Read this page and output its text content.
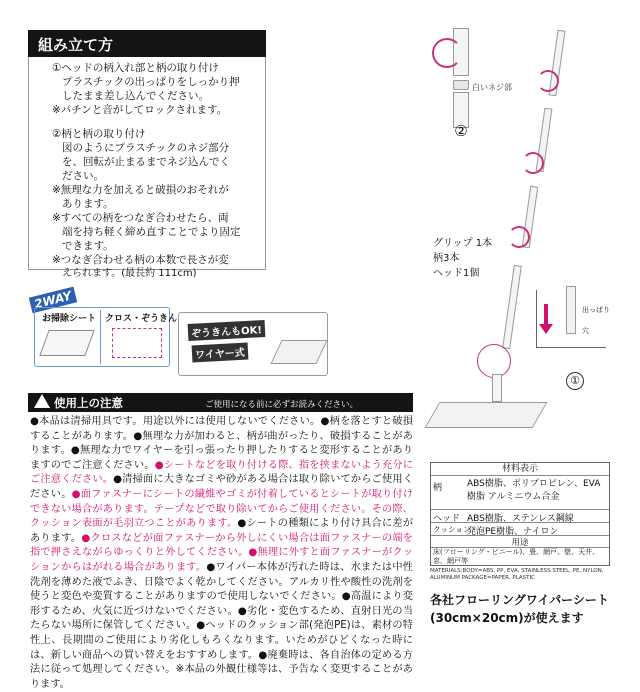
組み立て方
①ヘッドの柄入れ部と柄の取り付け
プラスチックの出っぱりをしっかり押
したまま差し込んでください。
※パチンと音がしてロックされます。
②柄と柄の取り付け
図のようにプラスチックのネジ部分
を、回転が止まるまでネジ込んでく
ださい。
※無理な力を加えると破損のおそれが
あります。
※すべての柄をつなぎ合わせたら、両
端を持ち軽く締め直すことでより固定
できます。
※つなぎ合わせる柄の本数で長さが変
えられます。(最長約 111cm)
白いネジ部
②
グリップ 1本
柄3本
ヘッド1個
出っぱり
穴
①
2WAY
お掃除シート クロス・ぞうきん
ぞうきんもOK!
ワイヤー式
使用上の注意	ご使用になる前に必ずお読みください。
●本品は清掃用具です。用途以外には使用しないでください。●柄を落とすと破損することがあります。●無理な力が加わると、柄が曲がったり、破損することがあります。●無理な力でワイヤーを引っ張ったり押したりすると変形することがありますのでご注意ください。●シートなどを取り付ける際、指を挟まないよう充分にご注意ください。●清掃面に大きなゴミや砂がある場合は取り除いてからご使用ください。●面ファスナーにシートの繊維やゴミが付着しているとシートが取り付けできない場合があります。テープなどで取り除いてからご使用ください。その際、クッション表面が毛羽立つことがあります。●シートの種類により付け具合に差があります。●クロスなどが面ファスナーから外しにくい場合は面ファスナーの端を指で押さえながらゆっくりと外してください。●無理に外すと面ファスナーがクッションからはがれる場合があります。●ワイパー本体が汚れた時は、水または中性洗剤を薄めた液でふき、日陰でよく乾かしてください。アルカリ性や酸性の洗剤を使うと変色や変質することがありますので使用しないでください。●高温により変形するため、火気に近づけないでください。●劣化・変色するため、直射日光の当たらない場所に保管してください。●ヘッドのクッション部(発泡PE)は、素材の特性上、長期間のご使用により劣化しもろくなります。いためがひどくなった時には、新しい商品への買い替えをおすすめします。●廃棄時は、各自治体の定める方法に従って処理してください。※本品の外観仕様等は、予告なく変更することがあります。
材料表示
柄	ABS樹脂、ポリプロピレン、EVA樹脂 アルミニウム合金
ヘッド ABS樹脂、ステンレス鋼線
クッション
発泡PE樹脂、ナイロン
用途
床(フローリング・ビニール)、畳、網戸、壁、天井、窓、網戸等
MATERIALS:BODY=ABS, PP, EVA, STAINLESS STEEL, PE, NYLON, ALUMINUM PACKAGE=PAPER, PLASTIC
各社フローリングワイパーシート
(30cm×20cm)が使えます
